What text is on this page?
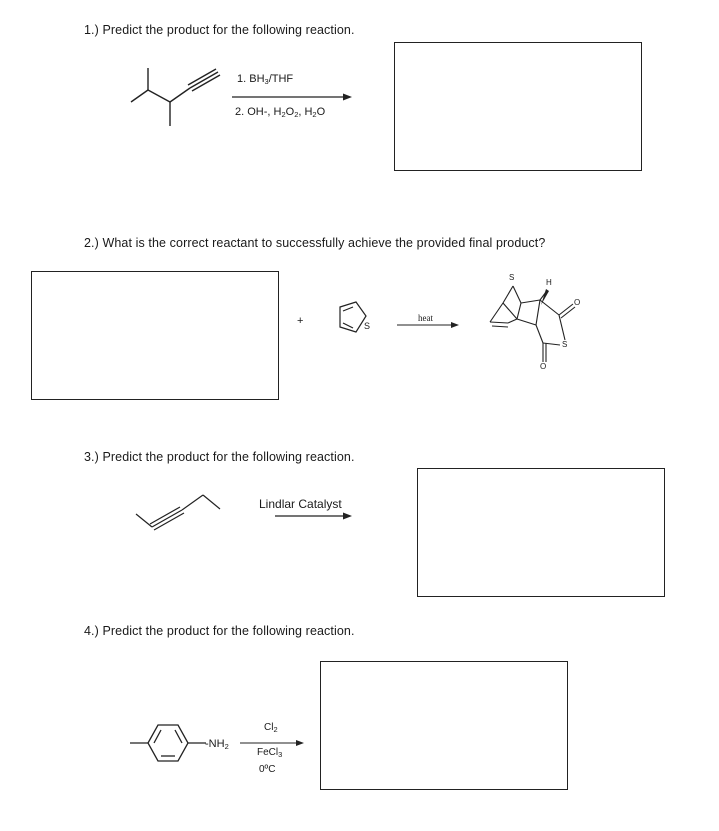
1.) Predict the product for the following reaction.
1. $BH_3$/THF
2. OH-, $H_2O_2$, $H_2O$
2.) What is the correct reactant to successfully achieve the provided final product?
+	heat
S
S
H
S
O
O
3.) Predict the product for the following reaction.
Lindlar Catalyst
4.) Predict the product for the following reaction.
$-NH_2$
$Cl_2$
FeCl$_3$
0ºC
